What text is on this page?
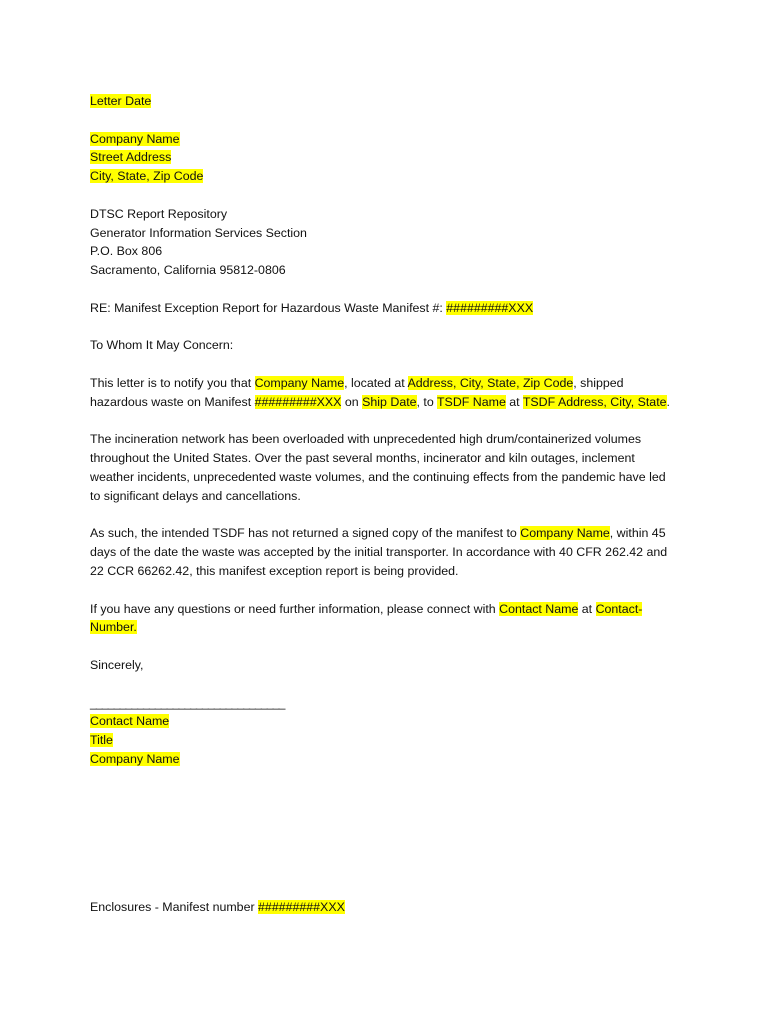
Letter Date
Company Name
Street Address
City, State, Zip Code
DTSC Report Repository
Generator Information Services Section
P.O. Box 806
Sacramento, California 95812-0806
RE: Manifest Exception Report for Hazardous Waste Manifest #: #########XXX
To Whom It May Concern:
This letter is to notify you that Company Name, located at Address, City, State, Zip Code, shipped
hazardous waste on Manifest #########XXX on Ship Date, to TSDF Name at TSDF Address, City, State.
The incineration network has been overloaded with unprecedented high drum/containerized volumes throughout the United States. Over the past several months, incinerator and kiln outages, inclement weather incidents, unprecedented waste volumes, and the continuing effects from the pandemic have led to significant delays and cancellations.
As such, the intended TSDF has not returned a signed copy of the manifest to Company Name, within 45 days of the date the waste was accepted by the initial transporter. In accordance with 40 CFR 262.42 and 22 CCR 66262.42, this manifest exception report is being provided.
If you have any questions or need further information, please connect with Contact Name at Contact-Number.
Sincerely,
_________________________________
Contact Name
Title
Company Name
Enclosures - Manifest number #########XXX
